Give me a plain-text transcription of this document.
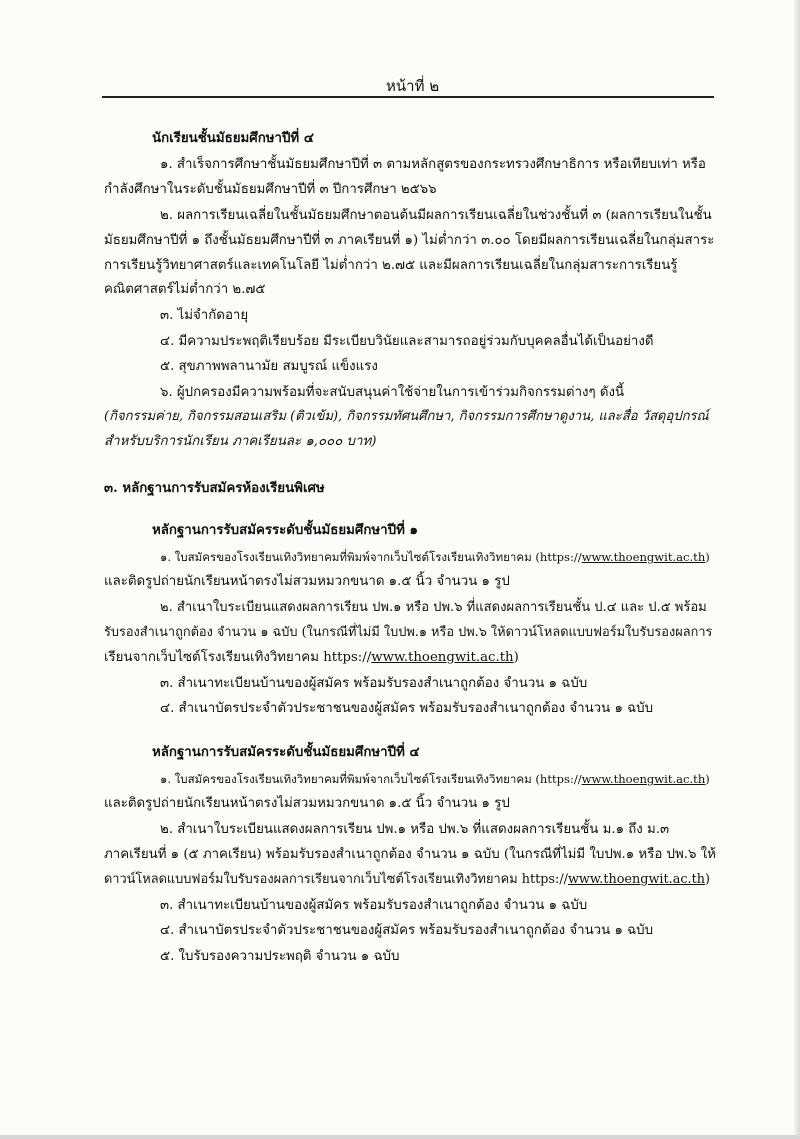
หน้าที่ ๒
นักเรียนชั้นมัธยมศึกษาปีที่ ๔
๑. สำเร็จการศึกษาชั้นมัธยมศึกษาปีที่ ๓ ตามหลักสูตรของกระทรวงศึกษาธิการ หรือเทียบเท่า หรือ
กำลังศึกษาในระดับชั้นมัธยมศึกษาปีที่ ๓ ปีการศึกษา ๒๕๖๖
๒. ผลการเรียนเฉลี่ยในชั้นมัธยมศึกษาตอนต้นมีผลการเรียนเฉลี่ยในช่วงชั้นที่ ๓ (ผลการเรียนในชั้น
มัธยมศึกษาปีที่ ๑ ถึงชั้นมัธยมศึกษาปีที่ ๓ ภาคเรียนที่ ๑) ไม่ต่ำกว่า ๓.๐๐ โดยมีผลการเรียนเฉลี่ยในกลุ่มสาระ
การเรียนรู้วิทยาศาสตร์และเทคโนโลยี ไม่ต่ำกว่า ๒.๗๕ และมีผลการเรียนเฉลี่ยในกลุ่มสาระการเรียนรู้
คณิตศาสตร์ไม่ต่ำกว่า ๒.๗๕
๓. ไม่จำกัดอายุ
๔. มีความประพฤติเรียบร้อย มีระเบียบวินัยและสามารถอยู่ร่วมกับบุคคลอื่นได้เป็นอย่างดี
๕. สุขภาพพลานามัย สมบูรณ์ แข็งแรง
๖. ผู้ปกครองมีความพร้อมที่จะสนับสนุนค่าใช้จ่ายในการเข้าร่วมกิจกรรมต่างๆ ดังนี้
(กิจกรรมค่าย, กิจกรรมสอนเสริม (ติวเข้ม), กิจกรรมทัศนศึกษา, กิจกรรมการศึกษาดูงาน, และสื่อ วัสดุอุปกรณ์
สำหรับบริการนักเรียน ภาคเรียนละ ๑,๐๐๐ บาท)
๓. หลักฐานการรับสมัครห้องเรียนพิเศษ
หลักฐานการรับสมัครระดับชั้นมัธยมศึกษาปีที่ ๑
๑. ใบสมัครของโรงเรียนเทิงวิทยาคมที่พิมพ์จากเว็บไซต์โรงเรียนเทิงวิทยาคม (https://www.thoengwit.ac.th)
และติดรูปถ่ายนักเรียนหน้าตรงไม่สวมหมวกขนาด ๑.๕ นิ้ว จำนวน ๑ รูป
๒. สำเนาใบระเบียนแสดงผลการเรียน ปพ.๑ หรือ ปพ.๖ ที่แสดงผลการเรียนชั้น ป.๔ และ ป.๕ พร้อม
รับรองสำเนาถูกต้อง จำนวน ๑ ฉบับ (ในกรณีที่ไม่มี ใบปพ.๑ หรือ ปพ.๖ ให้ดาวน์โหลดแบบฟอร์มใบรับรองผลการ
เรียนจากเว็บไซต์โรงเรียนเทิงวิทยาคม https://www.thoengwit.ac.th)
๓. สำเนาทะเบียนบ้านของผู้สมัคร พร้อมรับรองสำเนาถูกต้อง จำนวน ๑ ฉบับ
๔. สำเนาบัตรประจำตัวประชาชนของผู้สมัคร พร้อมรับรองสำเนาถูกต้อง จำนวน ๑ ฉบับ
หลักฐานการรับสมัครระดับชั้นมัธยมศึกษาปีที่ ๔
๑. ใบสมัครของโรงเรียนเทิงวิทยาคมที่พิมพ์จากเว็บไซต์โรงเรียนเทิงวิทยาคม (https://www.thoengwit.ac.th)
และติดรูปถ่ายนักเรียนหน้าตรงไม่สวมหมวกขนาด ๑.๕ นิ้ว จำนวน ๑ รูป
๒. สำเนาใบระเบียนแสดงผลการเรียน ปพ.๑ หรือ ปพ.๖ ที่แสดงผลการเรียนชั้น ม.๑ ถึง ม.๓
ภาคเรียนที่ ๑ (๕ ภาคเรียน) พร้อมรับรองสำเนาถูกต้อง จำนวน ๑ ฉบับ (ในกรณีที่ไม่มี ใบปพ.๑ หรือ ปพ.๖ ให้
ดาวน์โหลดแบบฟอร์มใบรับรองผลการเรียนจากเว็บไซต์โรงเรียนเทิงวิทยาคม https://www.thoengwit.ac.th)
๓. สำเนาทะเบียนบ้านของผู้สมัคร พร้อมรับรองสำเนาถูกต้อง จำนวน ๑ ฉบับ
๔. สำเนาบัตรประจำตัวประชาชนของผู้สมัคร พร้อมรับรองสำเนาถูกต้อง จำนวน ๑ ฉบับ
๕. ใบรับรองความประพฤติ จำนวน ๑ ฉบับ
